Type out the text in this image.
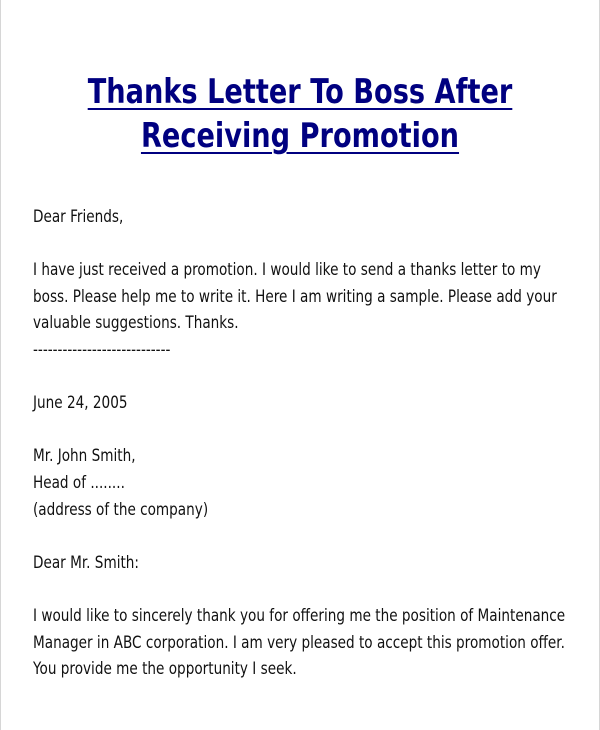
Thanks Letter To Boss After
Receiving Promotion
Dear Friends,
I have just received a promotion. I would like to send a thanks letter to my
boss. Please help me to write it. Here I am writing a sample. Please add your
valuable suggestions. Thanks.
----------------------------
June 24, 2005
Mr. John Smith,
Head of ........
(address of the company)
Dear Mr. Smith:
I would like to sincerely thank you for offering me the position of Maintenance
Manager in ABC corporation. I am very pleased to accept this promotion offer.
You provide me the opportunity I seek.
